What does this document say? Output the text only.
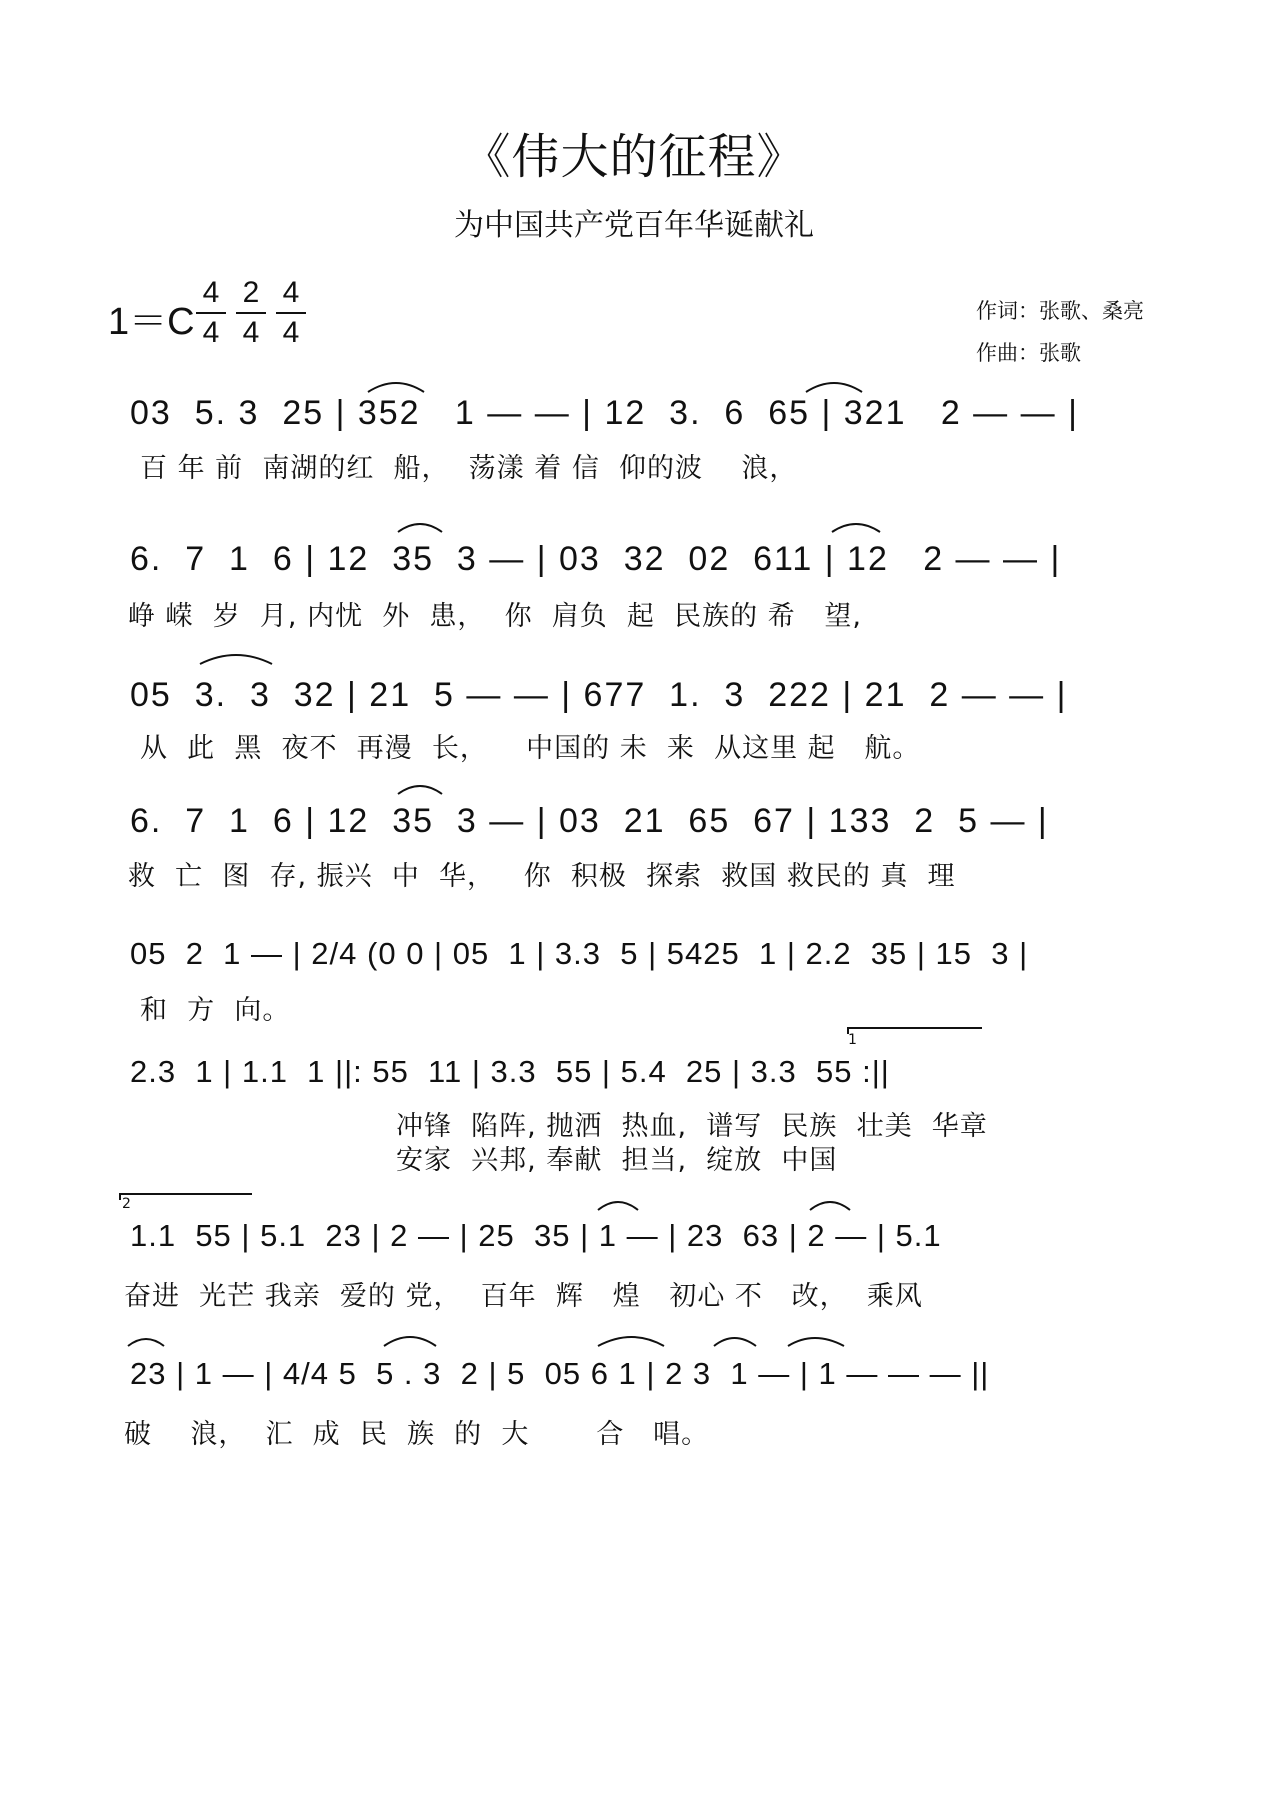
《伟大的征程》
为中国共产党百年华诞献礼
1＝C
4
4
2
4
4
4
作词：张歌、桑亮
作曲：张歌
03  5. 3  25 | 352   1 — — | 12  3.  6  65 | 321   2 — — |
百 年 前  南湖的红  船，  荡漾 着 信  仰的波    浪，
6.  7  1  6 | 12  35  3 — | 03  32  02  611 | 12   2 — — |
峥 嵘  岁  月, 内忧  外  患，  你  肩负  起  民族的 希   望,
05  3.  3  32 | 21  5 — — | 677  1.  3  222 | 21  2 — — |
从  此  黑  夜不  再漫  长，    中国的 未  来  从这里 起   航。
6.  7  1  6 | 12  35  3 — | 03  21  65  67 | 133  2  5 — |
救  亡  图  存, 振兴  中  华，   你  积极  探索  救国 救民的 真  理
05  2  1 — | 2/4 (0 0 | 05  1 | 3.3  5 | 5425  1 | 2.2  35 | 15  3 |
和  方  向。
2.3  1 | 1.1  1 ||: 55  11 | 3.3  55 | 5.4  25 | 3.3  55 :||
1
冲锋  陷阵, 抛洒  热血,  谱写  民族  壮美  华章
安家  兴邦, 奉献  担当,  绽放  中国
1.1  55 | 5.1  23 | 2 — | 25  35 | 1 — | 23  63 | 2 — | 5.1
2
奋进  光芒 我亲  爱的 党，  百年  辉   煌   初心 不   改，  乘风
23 | 1 — | 4/4 5  5 . 3  2 | 5  05 6 1 | 2 3  1 — | 1 — — — ||
破    浪，  汇  成  民  族  的  大       合   唱。
